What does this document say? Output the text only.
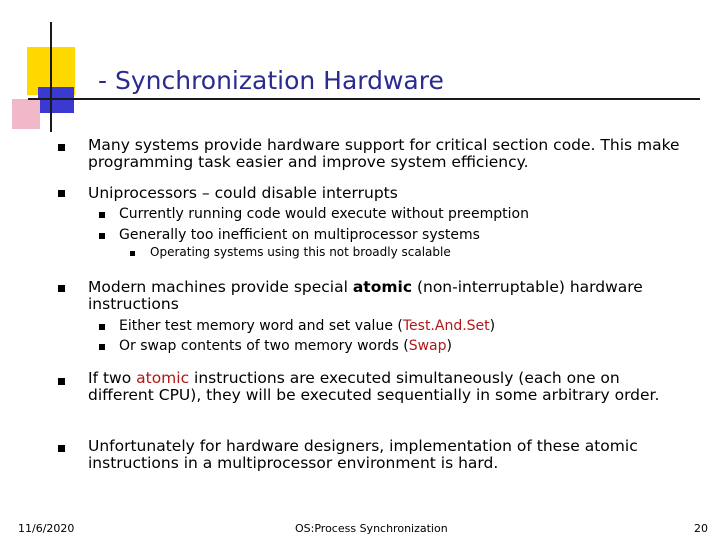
- Synchronization Hardware
Many systems provide hardware support for critical section code. This make programming task easier and improve system efficiency.
Uniprocessors – could disable interrupts
Currently running code would execute without preemption
Generally too inefficient on multiprocessor systems
Operating systems using this not broadly scalable
Modern machines provide special atomic (non-interruptable) hardware instructions
Either test memory word and set value (Test.And.Set)
Or swap contents of two memory words (Swap)
If two atomic instructions are executed simultaneously (each one on different CPU), they will be executed sequentially in some arbitrary order.
Unfortunately for hardware designers, implementation of these atomic instructions in a multiprocessor environment is hard.
11/6/2020	OS:Process Synchronization	20
